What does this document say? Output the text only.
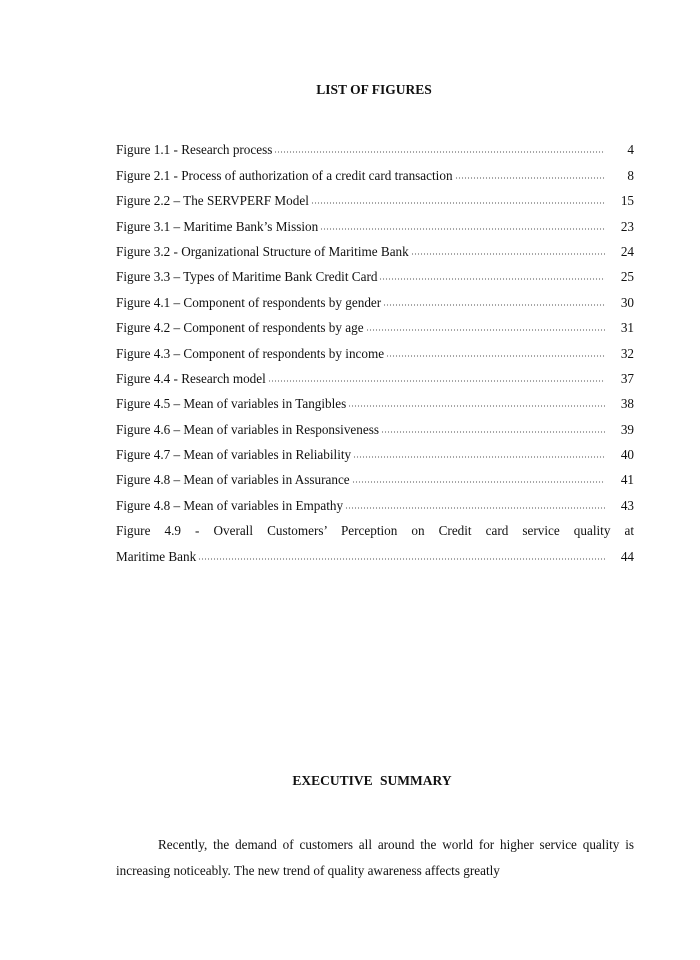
LIST OF FIGURES
Figure 1.1 - Research process	4
Figure 2.1 - Process of authorization of a credit card transaction	8
Figure 2.2 – The SERVPERF Model	15
Figure 3.1 – Maritime Bank’s Mission	23
Figure 3.2 - Organizational Structure of Maritime Bank	24
Figure 3.3 – Types of Maritime Bank Credit Card	25
Figure 4.1 – Component of respondents by gender	30
Figure 4.2 – Component of respondents by age	31
Figure 4.3 – Component of respondents by income	32
Figure 4.4 - Research model	37
Figure 4.5 – Mean of variables in Tangibles	38
Figure 4.6 – Mean of variables in Responsiveness	39
Figure 4.7 – Mean of variables in Reliability	40
Figure 4.8 – Mean of variables in Assurance	41
Figure 4.8 – Mean of variables in Empathy	43
Figure 4.9 - Overall Customers’ Perception on Credit card service quality at
Maritime Bank	44
EXECUTIVE SUMMARY

Recently, the demand of customers all around the world for higher service quality is increasing noticeably. The new trend of quality awareness affects greatly
